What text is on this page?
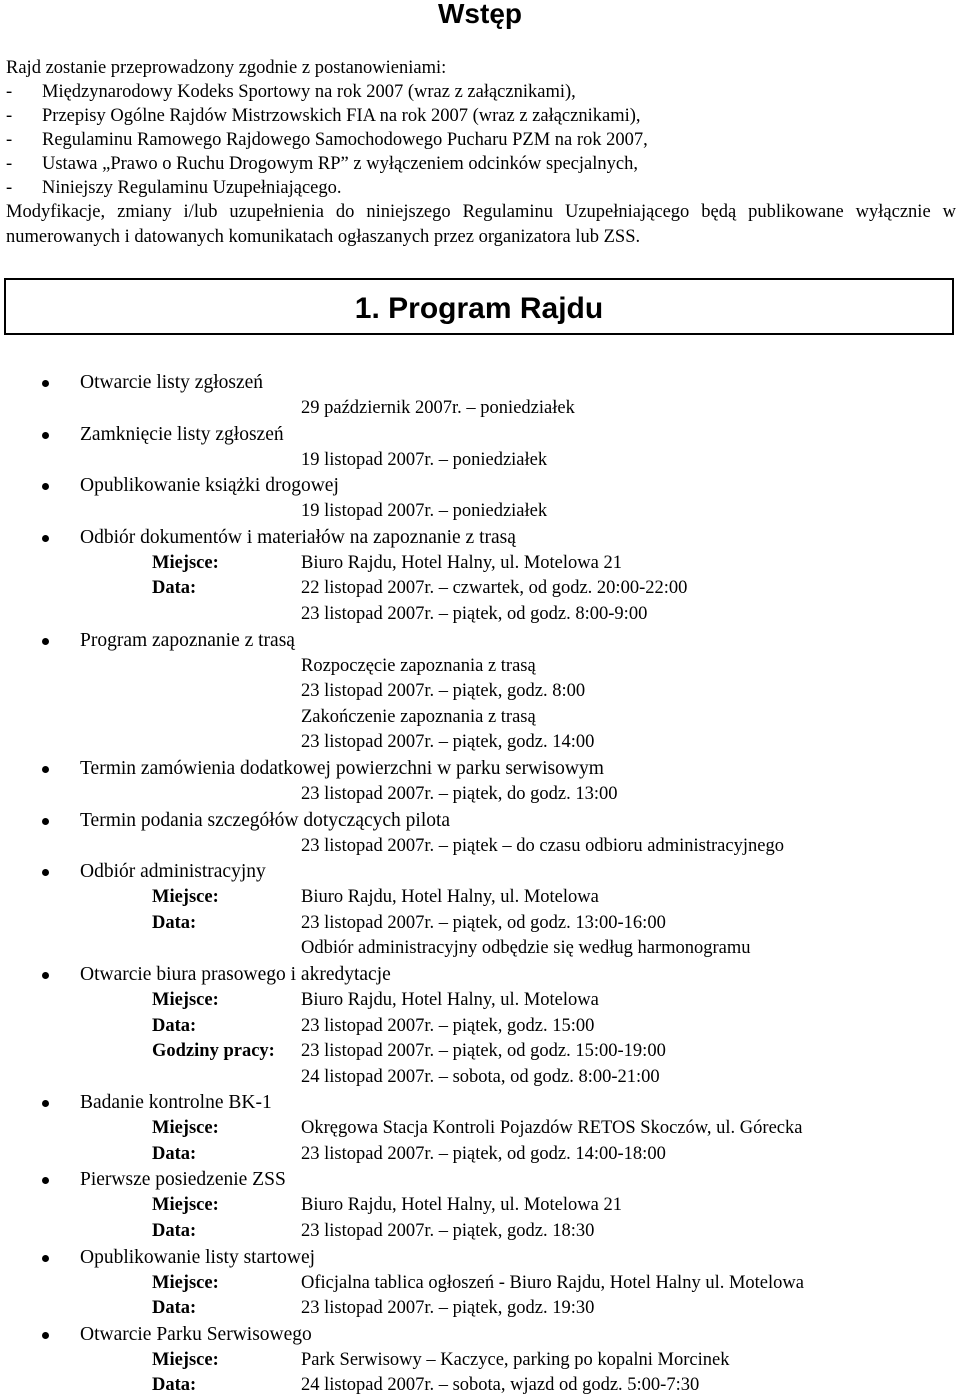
Wstęp
Rajd zostanie przeprowadzony zgodnie z postanowieniami:
- Międzynarodowy Kodeks Sportowy na rok 2007 (wraz z załącznikami),
- Przepisy Ogólne Rajdów Mistrzowskich FIA na rok 2007 (wraz z załącznikami),
- Regulaminu Ramowego Rajdowego Samochodowego Pucharu PZM na rok 2007,
- Ustawa „Prawo o Ruchu Drogowym RP” z wyłączeniem odcinków specjalnych,
- Niniejszy Regulaminu Uzupełniającego.
Modyfikacje, zmiany i/lub uzupełnienia do niniejszego Regulaminu Uzupełniającego będą publikowane wyłącznie w numerowanych i datowanych komunikatach ogłaszanych przez organizatora lub ZSS.
1. Program Rajdu
Otwarcie listy zgłoszeń
29 październik 2007r. – poniedziałek
Zamknięcie listy zgłoszeń
19 listopad 2007r. – poniedziałek
Opublikowanie książki drogowej
19 listopad 2007r. – poniedziałek
Odbiór dokumentów i materiałów na zapoznanie z trasą
Miejsce:	Biuro Rajdu, Hotel Halny, ul. Motelowa 21
Data:	22 listopad 2007r. – czwartek, od godz. 20:00-22:00
23 listopad 2007r. – piątek, od godz. 8:00-9:00
Program zapoznanie z trasą
Rozpoczęcie zapoznania z trasą
23 listopad 2007r. – piątek, godz. 8:00
Zakończenie zapoznania z trasą
23 listopad 2007r. – piątek, godz. 14:00
Termin zamówienia dodatkowej powierzchni w parku serwisowym
23 listopad 2007r. – piątek, do godz. 13:00
Termin podania szczegółów dotyczących pilota
23 listopad 2007r. – piątek – do czasu odbioru administracyjnego
Odbiór administracyjny
Miejsce:	Biuro Rajdu, Hotel Halny, ul. Motelowa
Data:	23 listopad 2007r. – piątek, od godz. 13:00-16:00
Odbiór administracyjny odbędzie się według harmonogramu
Otwarcie biura prasowego i akredytacje
Miejsce:	Biuro Rajdu, Hotel Halny, ul. Motelowa
Data:	23 listopad 2007r. – piątek, godz. 15:00
Godziny pracy: 23 listopad 2007r. – piątek, od godz. 15:00-19:00
24 listopad 2007r. – sobota, od godz. 8:00-21:00
Badanie kontrolne BK-1
Miejsce:	Okręgowa Stacja Kontroli Pojazdów RETOS Skoczów, ul. Górecka
Data:	23 listopad 2007r. – piątek, od godz. 14:00-18:00
Pierwsze posiedzenie ZSS
Miejsce:	Biuro Rajdu, Hotel Halny, ul. Motelowa 21
Data:	23 listopad 2007r. – piątek, godz. 18:30
Opublikowanie listy startowej
Miejsce:	Oficjalna tablica ogłoszeń - Biuro Rajdu, Hotel Halny ul. Motelowa
Data:	23 listopad 2007r. – piątek, godz. 19:30
Otwarcie Parku Serwisowego
Miejsce:	Park Serwisowy – Kaczyce, parking po kopalni Morcinek
Data:	24 listopad 2007r. – sobota, wjazd od godz. 5:00-7:30
